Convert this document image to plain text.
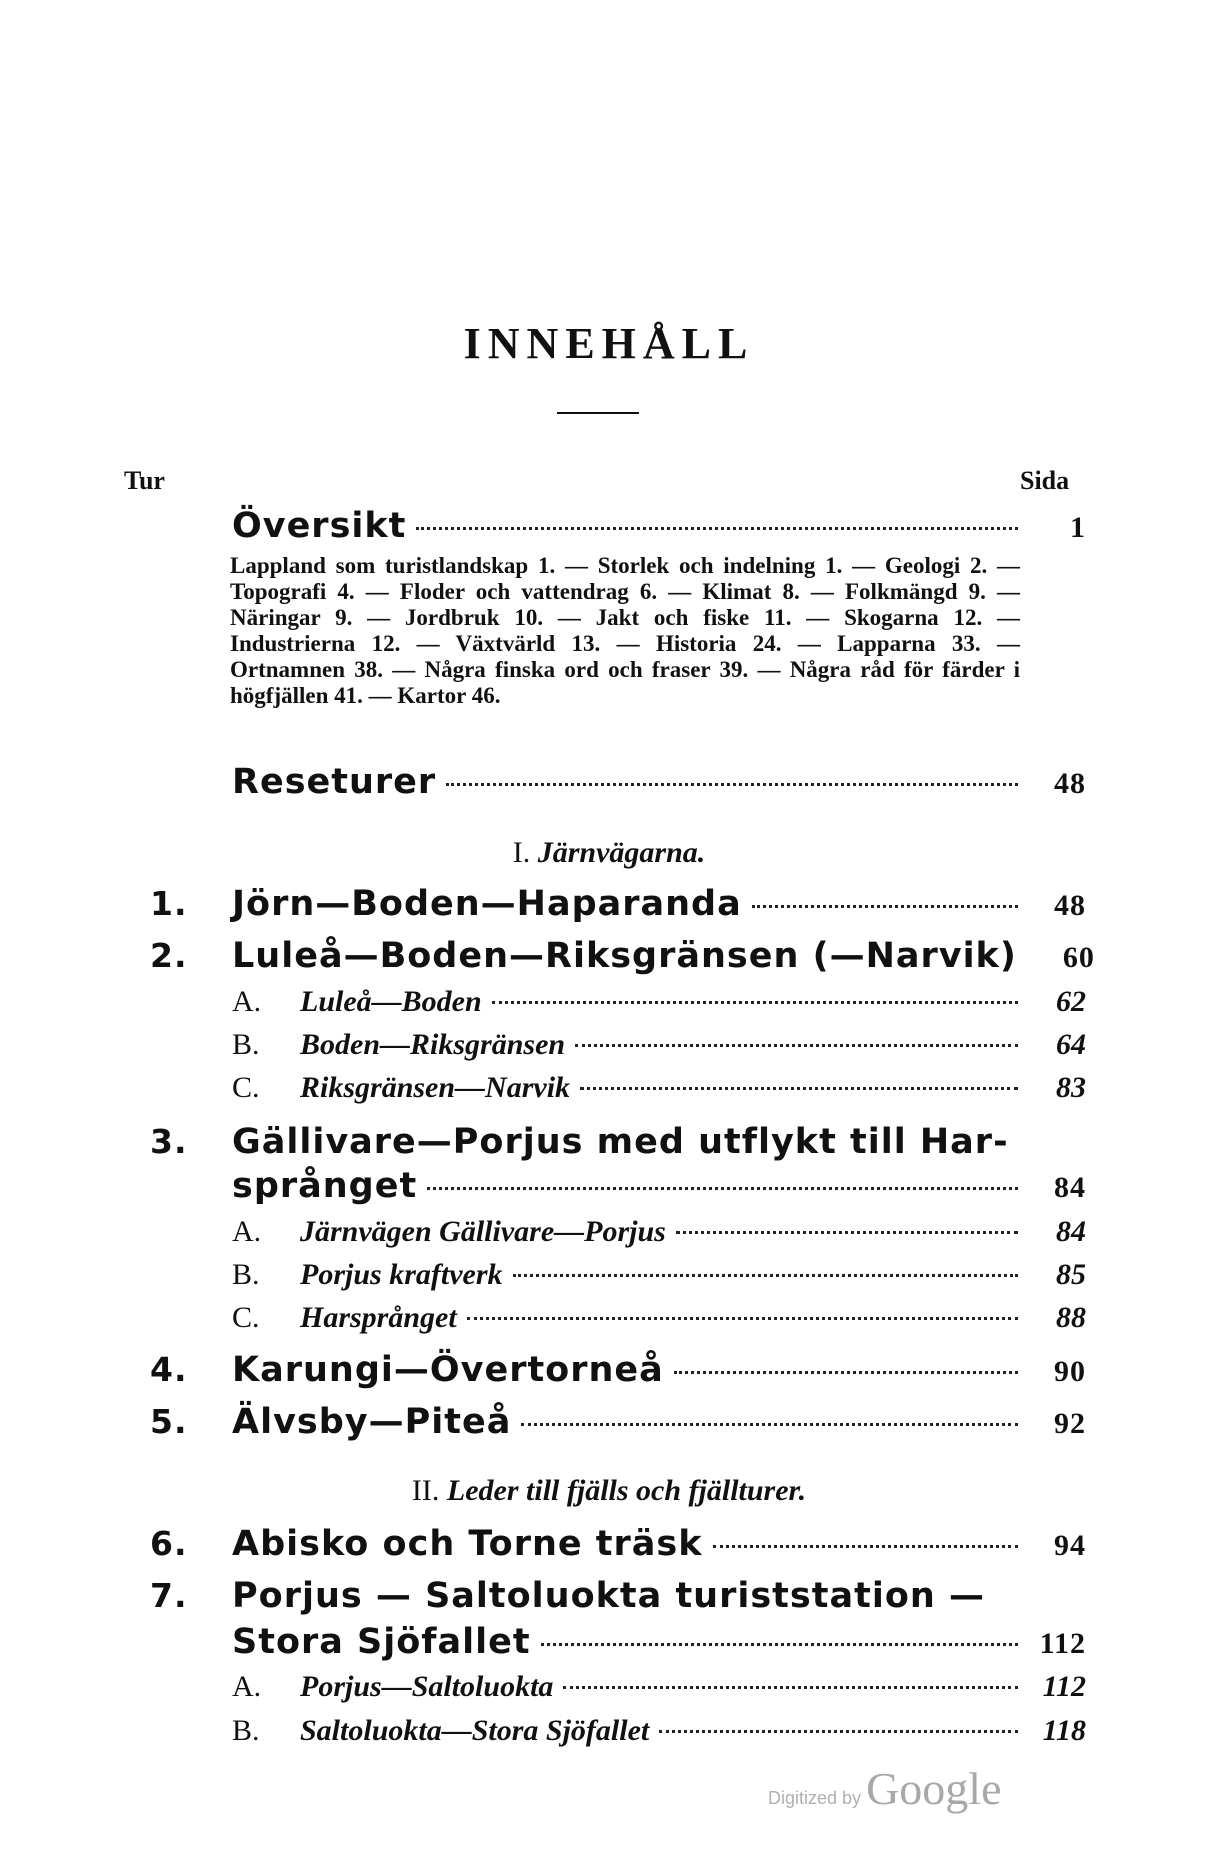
INNEHÅLL
Tur	Sida
Översikt	1
Lappland som turistlandskap 1. — Storlek och indelning 1. — Geologi 2. — Topografi 4. — Floder och vattendrag 6. — Klimat 8. — Folkmängd 9. — Näringar 9. — Jordbruk 10. — Jakt och fiske 11. — Skogarna 12. — Industrierna 12. — Växtvärld 13. — Historia 24. — Lapparna 33. — Ortnamnen 38. — Några finska ord och fraser 39. — Några råd för färder i högfjällen 41. — Kartor 46.
Reseturer	48
I. Järnvägarna.
1.	Jörn—Boden—Haparanda	48
2.	Luleå—Boden—Riksgränsen (—Narvik)	60
A.	Luleå—Boden	62
B.	Boden—Riksgränsen	64
C.	Riksgränsen—Narvik	83
3.	Gällivare—Porjus med utflykt till Har-
språnget	84
A.	Järnvägen Gällivare—Porjus	84
B.	Porjus kraftverk	85
C.	Harsprånget	88
4.	Karungi—Övertorneå	90
5.	Älvsby—Piteå	92
II. Leder till fjälls och fjällturer.
6.	Abisko och Torne träsk	94
7.	Porjus — Saltoluokta turiststation —
Stora Sjöfallet	112
A.	Porjus—Saltoluokta	112
B.	Saltoluokta—Stora Sjöfallet	118
Digitized by Google
